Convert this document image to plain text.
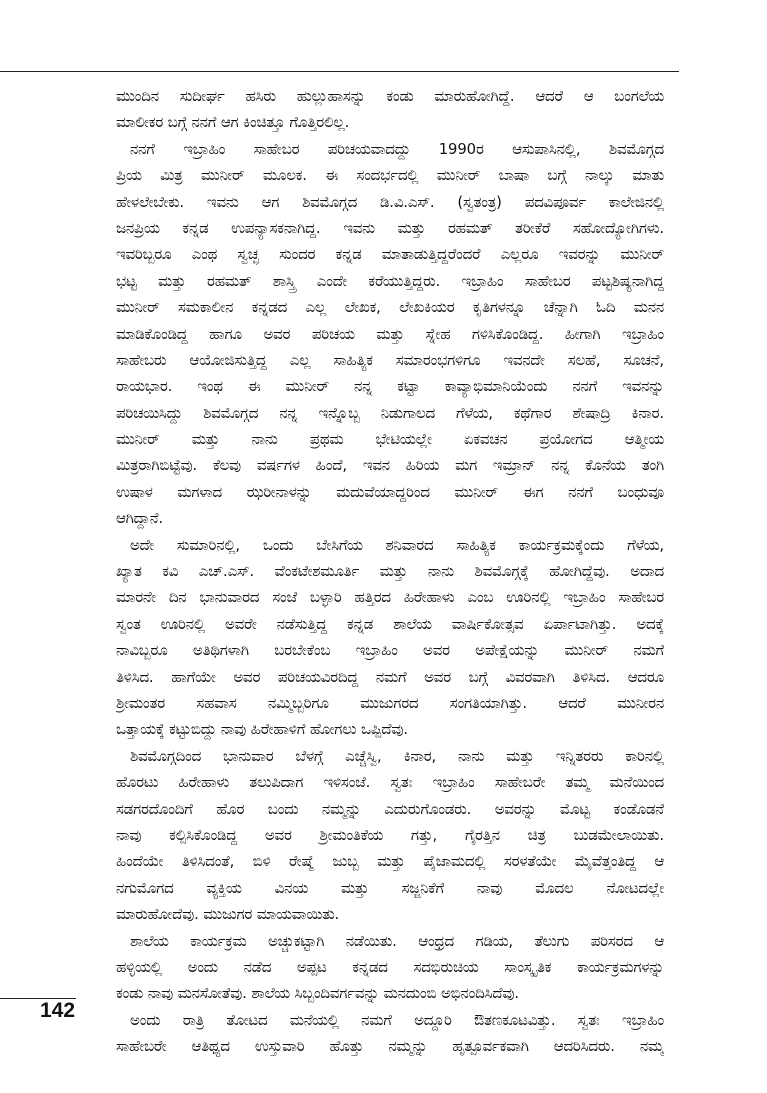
ಮುಂದಿನ ಸುದೀರ್ಘ ಹಸಿರು ಹುಲ್ಲುಹಾಸನ್ನು ಕಂಡು ಮಾರುಹೋಗಿದ್ದೆ. ಆದರೆ ಆ ಬಂಗಲೆಯ
ಮಾಲೀಕರ ಬಗ್ಗೆ ನನಗೆ ಆಗ ಕಿಂಚಿತ್ತೂ ಗೊತ್ತಿರಲಿಲ್ಲ.
ನನಗೆ ಇಬ್ರಾಹಿಂ ಸಾಹೇಬರ ಪರಿಚಯವಾದದ್ದು 1990ರ ಆಸುಪಾಸಿನಲ್ಲಿ, ಶಿವಮೊಗ್ಗದ
ಪ್ರಿಯ ಮಿತ್ರ ಮುನೀರ್ ಮೂಲಕ. ಈ ಸಂದರ್ಭದಲ್ಲಿ ಮುನೀರ್ ಬಾಷಾ ಬಗ್ಗೆ ನಾಲ್ಕು ಮಾತು
ಹೇಳಲೇಬೇಕು. ಇವನು ಆಗ ಶಿವಮೊಗ್ಗದ ಡಿ.ವಿ.ಎಸ್. (ಸ್ವತಂತ್ರ) ಪದವಿಪೂರ್ವ ಕಾಲೇಜಿನಲ್ಲಿ
ಜನಪ್ರಿಯ ಕನ್ನಡ ಉಪನ್ಯಾಸಕನಾಗಿದ್ದ. ಇವನು ಮತ್ತು ರಹಮತ್ ತರೀಕೆರೆ ಸಹೋದ್ಯೋಗಿಗಳು.
ಇವರಿಬ್ಬರೂ ಎಂಥ ಸ್ವಚ್ಛ ಸುಂದರ ಕನ್ನಡ ಮಾತಾಡುತ್ತಿದ್ದರೆಂದರೆ ಎಲ್ಲರೂ ಇವರನ್ನು ಮುನೀರ್
ಭಟ್ಟ ಮತ್ತು ರಹಮತ್ ಶಾಸ್ತ್ರಿ ಎಂದೇ ಕರೆಯುತ್ತಿದ್ದರು. ಇಬ್ರಾಹಿಂ ಸಾಹೇಬರ ಪಟ್ಟಶಿಷ್ಯನಾಗಿದ್ದ
ಮುನೀರ್ ಸಮಕಾಲೀನ ಕನ್ನಡದ ಎಲ್ಲ ಲೇಖಕ, ಲೇಖಕಿಯರ ಕೃತಿಗಳನ್ನೂ ಚೆನ್ನಾಗಿ ಓದಿ ಮನನ
ಮಾಡಿಕೊಂಡಿದ್ದ ಹಾಗೂ ಅವರ ಪರಿಚಯ ಮತ್ತು ಸ್ನೇಹ ಗಳಿಸಿಕೊಂಡಿದ್ದ. ಹೀಗಾಗಿ ಇಬ್ರಾಹಿಂ
ಸಾಹೇಬರು ಆಯೋಜಿಸುತ್ತಿದ್ದ ಎಲ್ಲ ಸಾಹಿತ್ಯಿಕ ಸಮಾರಂಭಗಳಿಗೂ ಇವನದೇ ಸಲಹೆ, ಸೂಚನೆ,
ರಾಯಭಾರ. ಇಂಥ ಈ ಮುನೀರ್ ನನ್ನ ಕಟ್ಟಾ ಕಾವ್ಯಾಭಿಮಾನಿಯೆಂದು ನನಗೆ ಇವನನ್ನು
ಪರಿಚಯಿಸಿದ್ದು ಶಿವಮೊಗ್ಗದ ನನ್ನ ಇನ್ನೊಬ್ಬ ನಿಡುಗಾಲದ ಗೆಳೆಯ, ಕಥೆಗಾರ ಶೇಷಾದ್ರಿ ಕಿನಾರ.
ಮುನೀರ್ ಮತ್ತು ನಾನು ಪ್ರಥಮ ಭೇಟಿಯಲ್ಲೇ ಏಕವಚನ ಪ್ರಯೋಗದ ಆತ್ಮೀಯ
ಮಿತ್ರರಾಗಿಬಿಟ್ಟೆವು. ಕೆಲವು ವರ್ಷಗಳ ಹಿಂದೆ, ಇವನ ಹಿರಿಯ ಮಗ ಇಮ್ರಾನ್ ನನ್ನ ಕೊನೆಯ ತಂಗಿ
ಉಷಾಳ ಮಗಳಾದ ಝರೀನಾಳನ್ನು ಮದುವೆಯಾದ್ದರಿಂದ ಮುನೀರ್ ಈಗ ನನಗೆ ಬಂಧುವೂ
ಆಗಿದ್ದಾನೆ.
ಅದೇ ಸುಮಾರಿನಲ್ಲಿ, ಒಂದು ಬೇಸಿಗೆಯ ಶನಿವಾರದ ಸಾಹಿತ್ಯಿಕ ಕಾರ್ಯಕ್ರಮಕ್ಕೆಂದು ಗೆಳೆಯ,
ಖ್ಯಾತ ಕವಿ ಎಚ್.ಎಸ್. ವೆಂಕಟೇಶಮೂರ್ತಿ ಮತ್ತು ನಾನು ಶಿವಮೊಗ್ಗಕ್ಕೆ ಹೋಗಿದ್ದೆವು. ಅದಾದ
ಮಾರನೇ ದಿನ ಭಾನುವಾರದ ಸಂಜೆ ಬಳ್ಳಾರಿ ಹತ್ತಿರದ ಹಿರೇಹಾಳು ಎಂಬ ಊರಿನಲ್ಲಿ ಇಬ್ರಾಹಿಂ ಸಾಹೇಬರ
ಸ್ವಂತ ಊರಿನಲ್ಲಿ ಅವರೇ ನಡೆಸುತ್ತಿದ್ದ ಕನ್ನಡ ಶಾಲೆಯ ವಾರ್ಷಿಕೋತ್ಸವ ಏರ್ಪಾಟಾಗಿತ್ತು. ಅದಕ್ಕೆ
ನಾವಿಬ್ಬರೂ ಅತಿಥಿಗಳಾಗಿ ಬರಬೇಕೆಂಬ ಇಬ್ರಾಹಿಂ ಅವರ ಅಪೇಕ್ಷೆಯನ್ನು ಮುನೀರ್ ನಮಗೆ
ತಿಳಿಸಿದ. ಹಾಗೆಯೇ ಅವರ ಪರಿಚಯವಿರದಿದ್ದ ನಮಗೆ ಅವರ ಬಗ್ಗೆ ವಿವರವಾಗಿ ತಿಳಿಸಿದ. ಆದರೂ
ಶ್ರೀಮಂತರ ಸಹವಾಸ ನಮ್ಮಿಬ್ಬರಿಗೂ ಮುಜುಗರದ ಸಂಗತಿಯಾಗಿತ್ತು. ಆದರೆ ಮುನೀರನ
ಒತ್ತಾಯಕ್ಕೆ ಕಟ್ಟುಬಿದ್ದು ನಾವು ಹಿರೇಹಾಳಿಗೆ ಹೋಗಲು ಒಪ್ಪಿದೆವು.
ಶಿವಮೊಗ್ಗದಿಂದ ಭಾನುವಾರ ಬೆಳಗ್ಗೆ ಎಚ್ಚೆಸ್ವಿ, ಕಿನಾರ, ನಾನು ಮತ್ತು ಇನ್ನಿತರರು ಕಾರಿನಲ್ಲಿ
ಹೊರಟು ಹಿರೇಹಾಳು ತಲುಪಿದಾಗ ಇಳಿಸಂಜೆ. ಸ್ವತಃ ಇಬ್ರಾಹಿಂ ಸಾಹೇಬರೇ ತಮ್ಮ ಮನೆಯಿಂದ
ಸಡಗರದೊಂದಿಗೆ ಹೊರ ಬಂದು ನಮ್ಮನ್ನು ಎದುರುಗೊಂಡರು. ಅವರನ್ನು ಮೊಟ್ಟ ಕಂಡೊಡನೆ
ನಾವು ಕಲ್ಪಿಸಿಕೊಂಡಿದ್ದ ಅವರ ಶ್ರೀಮಂತಿಕೆಯ ಗತ್ತು, ಗೈರತ್ತಿನ ಚಿತ್ರ ಬುಡಮೇಲಾಯಿತು.
ಹಿಂದೆಯೇ ತಿಳಿಸಿದಂತೆ, ಬಿಳಿ ರೇಷ್ಮೆ ಜುಬ್ಬ ಮತ್ತು ಪೈಜಾಮದಲ್ಲಿ ಸರಳತೆಯೇ ಮೈವೆತ್ತಂತಿದ್ದ ಆ
ನಗುಮೊಗದ ವ್ಯಕ್ತಿಯ ವಿನಯ ಮತ್ತು ಸಜ್ಜನಿಕೆಗೆ ನಾವು ಮೊದಲ ನೋಟದಲ್ಲೇ
ಮಾರುಹೋದೆವು. ಮುಜುಗರ ಮಾಯವಾಯಿತು.
ಶಾಲೆಯ ಕಾರ್ಯಕ್ರಮ ಅಚ್ಚುಕಟ್ಟಾಗಿ ನಡೆಯಿತು. ಆಂಧ್ರದ ಗಡಿಯ, ತೆಲುಗು ಪರಿಸರದ ಆ
ಹಳ್ಳಿಯಲ್ಲಿ ಅಂದು ನಡೆದ ಅಪ್ಪಟ ಕನ್ನಡದ ಸದಭಿರುಚಿಯ ಸಾಂಸ್ಕೃತಿಕ ಕಾರ್ಯಕ್ರಮಗಳನ್ನು
ಕಂಡು ನಾವು ಮನಸೋತೆವು. ಶಾಲೆಯ ಸಿಬ್ಬಂದಿವರ್ಗವನ್ನು ಮನದುಂಬಿ ಅಭಿನಂದಿಸಿದೆವು.
ಅಂದು ರಾತ್ರಿ ತೋಟದ ಮನೆಯಲ್ಲಿ ನಮಗೆ ಅದ್ದೂರಿ ಔತಣಕೂಟವಿತ್ತು. ಸ್ವತಃ ಇಬ್ರಾಹಿಂ
ಸಾಹೇಬರೇ ಆತಿಥ್ಯದ ಉಸ್ತುವಾರಿ ಹೊತ್ತು ನಮ್ಮನ್ನು ಹೃತ್ಪೂರ್ವಕವಾಗಿ ಆದರಿಸಿದರು. ನಮ್ಮ
142
